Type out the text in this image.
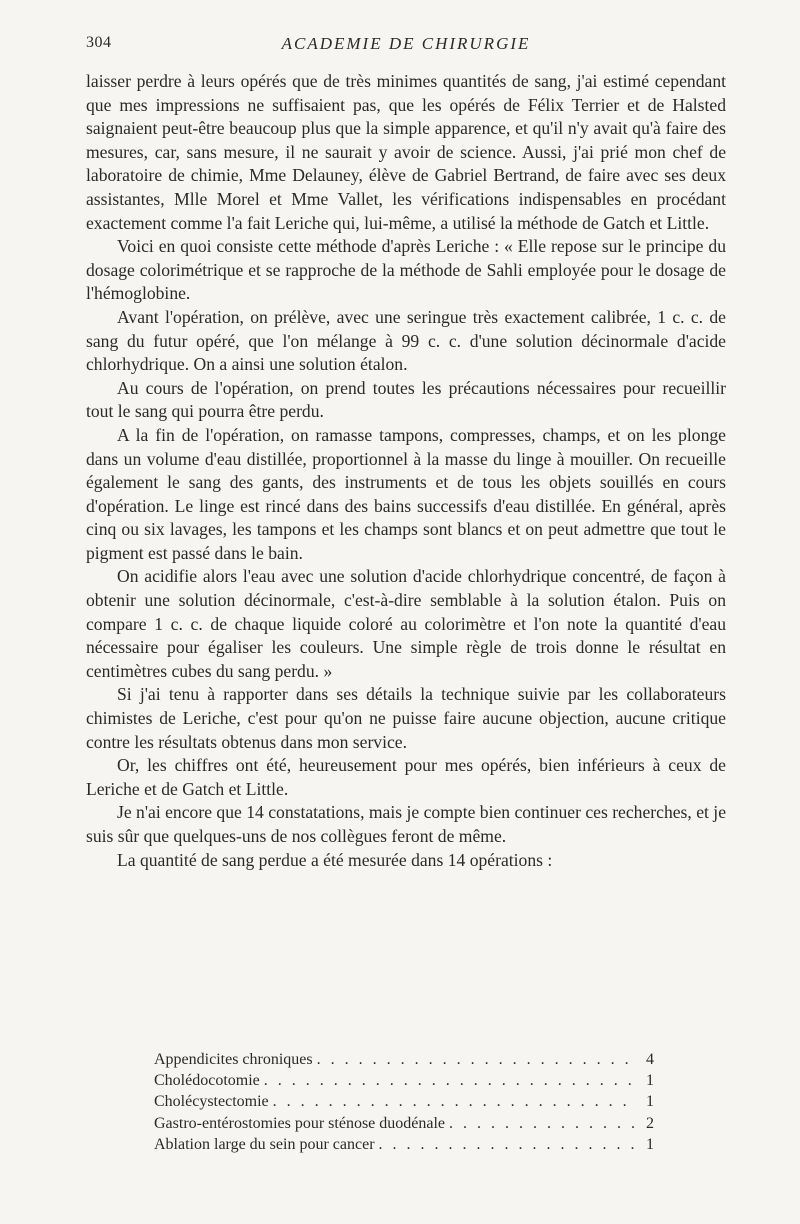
304	ACADEMIE DE CHIRURGIE

laisser perdre à leurs opérés que de très minimes quantités de sang, j'ai estimé cependant que mes impressions ne suffisaient pas, que les opérés de Félix Terrier et de Halsted saignaient peut-être beaucoup plus que la simple apparence, et qu'il n'y avait qu'à faire des mesures, car, sans mesure, il ne saurait y avoir de science. Aussi, j'ai prié mon chef de laboratoire de chimie, Mme Delauney, élève de Gabriel Bertrand, de faire avec ses deux assistantes, Mlle Morel et Mme Vallet, les vérifications indispensables en procédant exactement comme l'a fait Leriche qui, lui-même, a utilisé la méthode de Gatch et Little.

Voici en quoi consiste cette méthode d'après Leriche : « Elle repose sur le principe du dosage colorimétrique et se rapproche de la méthode de Sahli employée pour le dosage de l'hémoglobine.

Avant l'opération, on prélève, avec une seringue très exactement calibrée, 1 c. c. de sang du futur opéré, que l'on mélange à 99 c. c. d'une solution décinormale d'acide chlorhydrique. On a ainsi une solution étalon.

Au cours de l'opération, on prend toutes les précautions nécessaires pour recueillir tout le sang qui pourra être perdu.

A la fin de l'opération, on ramasse tampons, compresses, champs, et on les plonge dans un volume d'eau distillée, proportionnel à la masse du linge à mouiller. On recueille également le sang des gants, des instruments et de tous les objets souillés en cours d'opération. Le linge est rincé dans des bains successifs d'eau distillée. En général, après cinq ou six lavages, les tampons et les champs sont blancs et on peut admettre que tout le pigment est passé dans le bain.

On acidifie alors l'eau avec une solution d'acide chlorhydrique concentré, de façon à obtenir une solution décinormale, c'est-à-dire semblable à la solution étalon. Puis on compare 1 c. c. de chaque liquide coloré au colorimètre et l'on note la quantité d'eau nécessaire pour égaliser les couleurs. Une simple règle de trois donne le résultat en centimètres cubes du sang perdu. »

Si j'ai tenu à rapporter dans ses détails la technique suivie par les collaborateurs chimistes de Leriche, c'est pour qu'on ne puisse faire aucune objection, aucune critique contre les résultats obtenus dans mon service.

Or, les chiffres ont été, heureusement pour mes opérés, bien inférieurs à ceux de Leriche et de Gatch et Little.

Je n'ai encore que 14 constatations, mais je compte bien continuer ces recherches, et je suis sûr que quelques-uns de nos collègues feront de même.

La quantité de sang perdue a été mesurée dans 14 opérations :

Appendicites chroniques . . .	4
Cholédocotomie . . .	1
Cholécystectomie . . .	1
Gastro-entérostomies pour sténose duodénale . . .	2
Ablation large du sein pour cancer . . .	1
